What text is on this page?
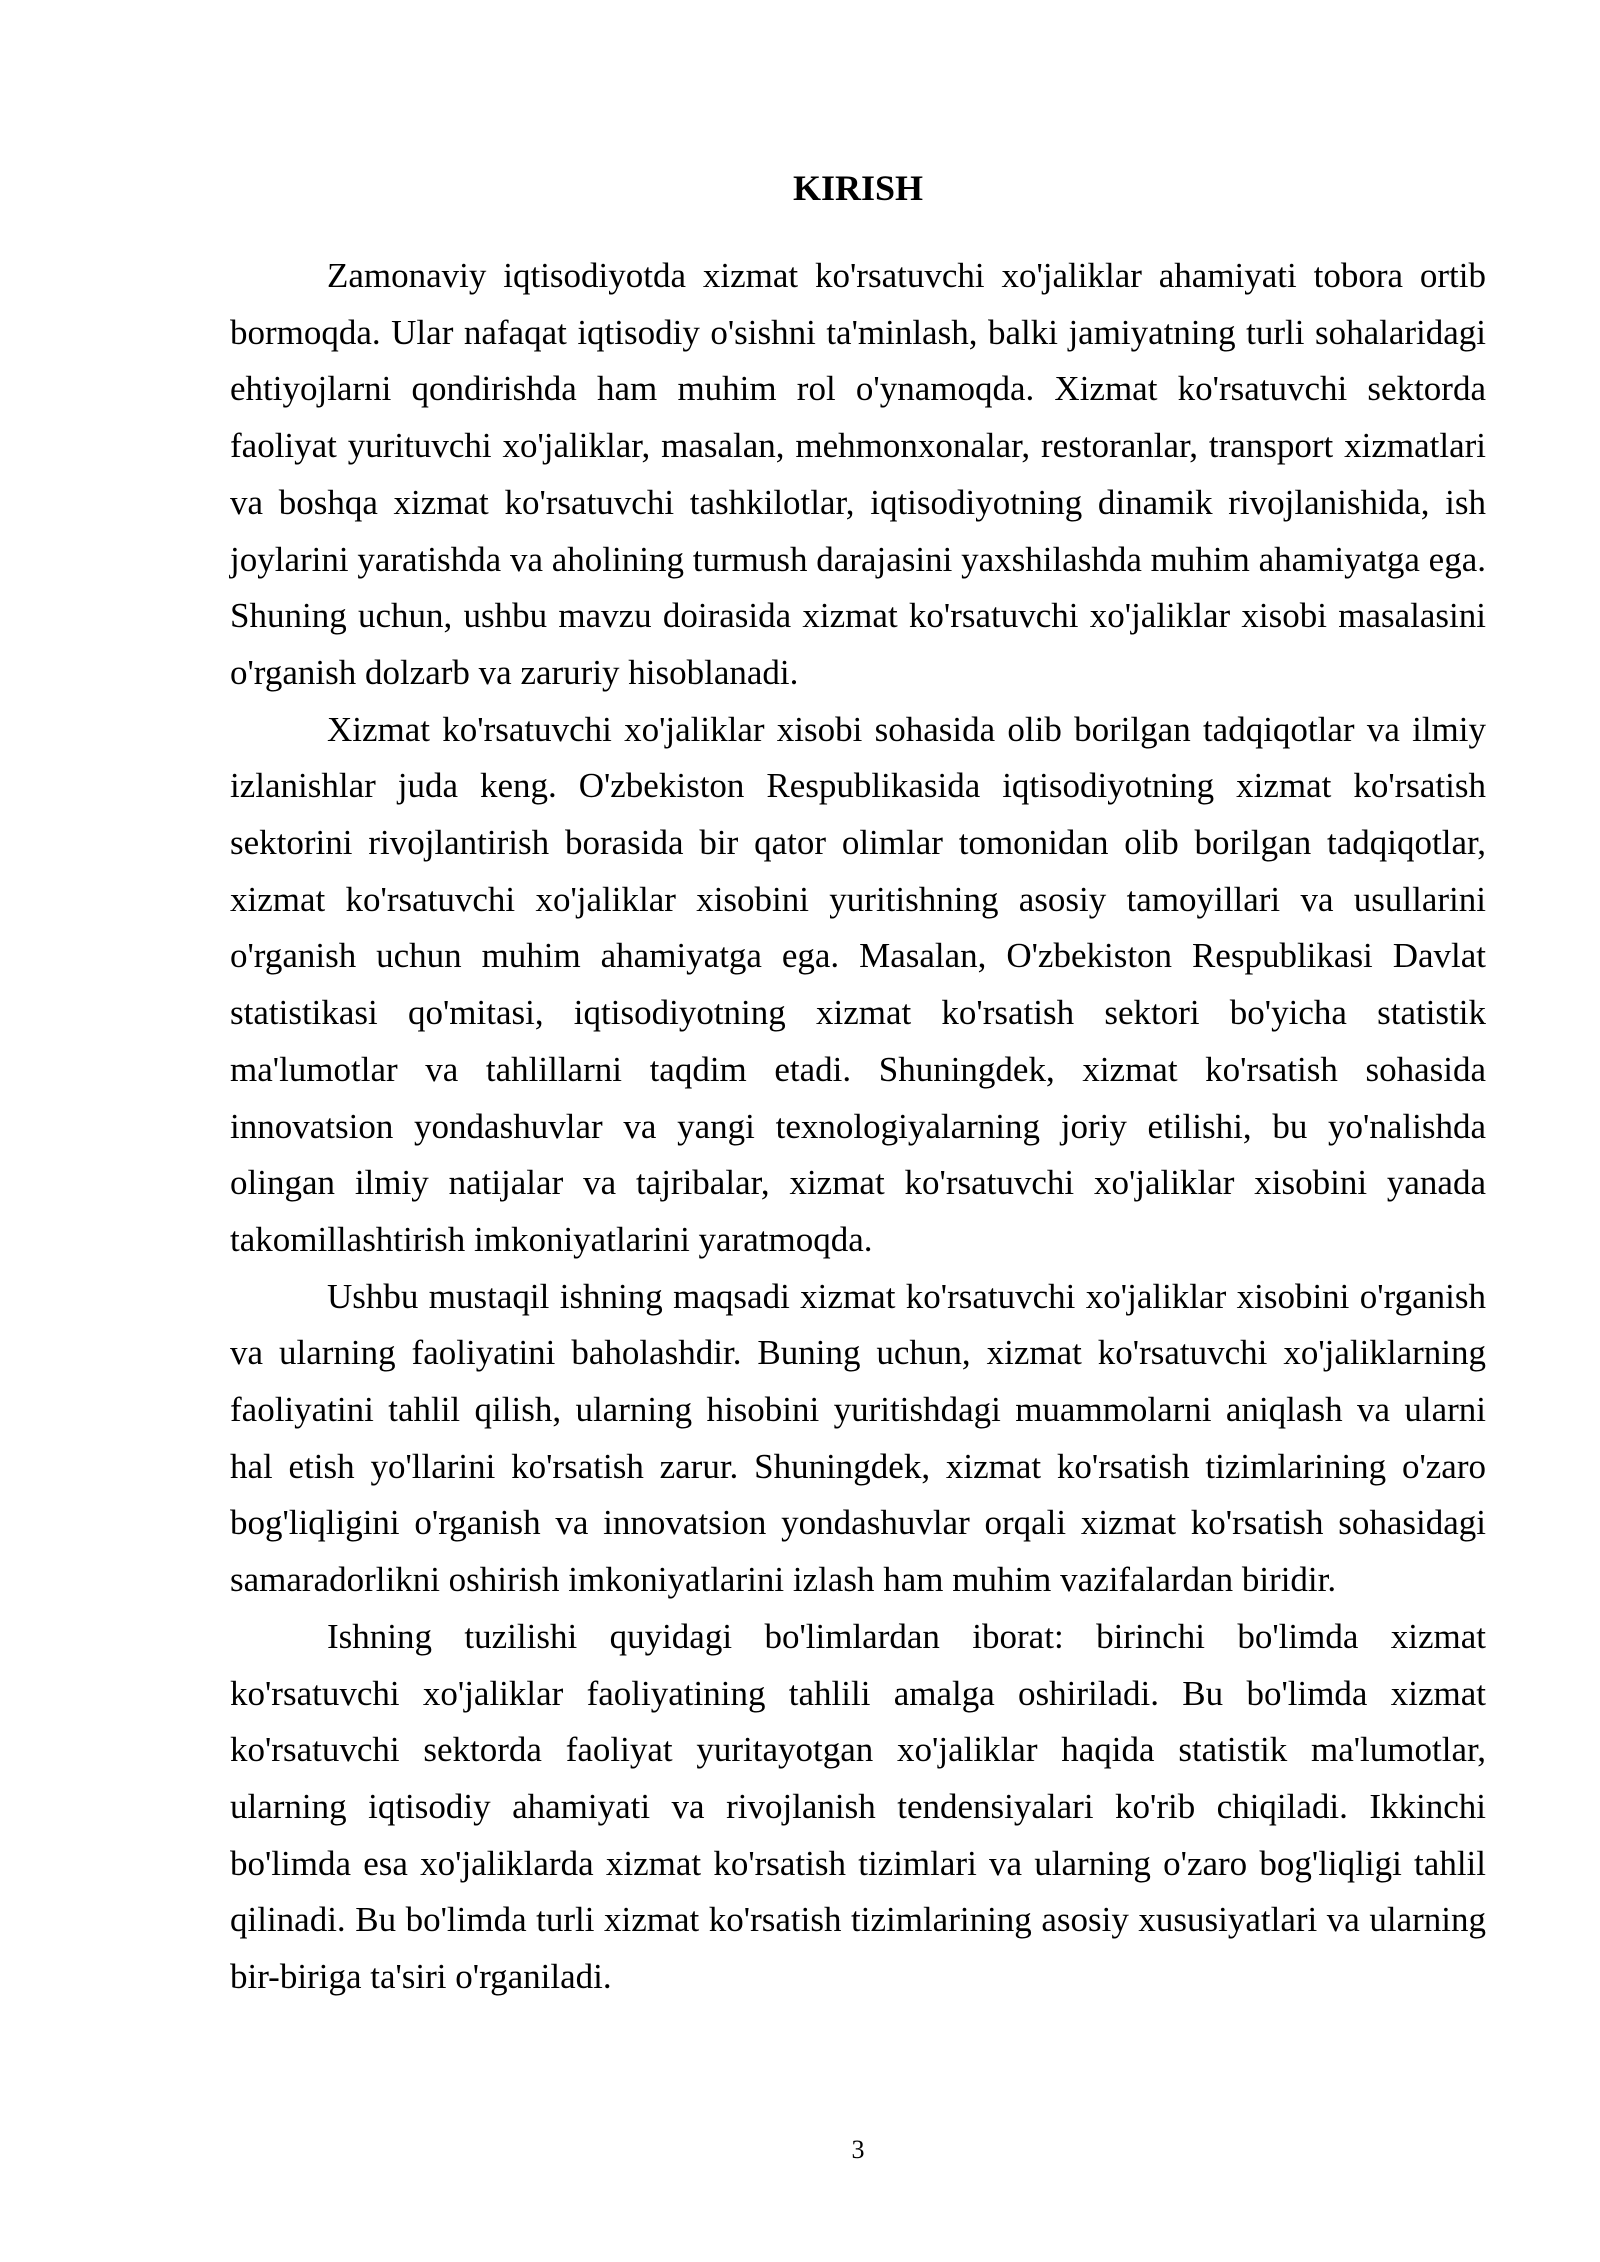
KIRISH

Zamonaviy iqtisodiyotda xizmat ko'rsatuvchi xo'jaliklar ahamiyati tobora ortib bormoqda. Ular nafaqat iqtisodiy o'sishni ta'minlash, balki jamiyatning turli sohalaridagi ehtiyojlarni qondirishda ham muhim rol o'ynamoqda. Xizmat ko'rsatuvchi sektorda faoliyat yurituvchi xo'jaliklar, masalan, mehmonxonalar, restoranlar, transport xizmatlari va boshqa xizmat ko'rsatuvchi tashkilotlar, iqtisodiyotning dinamik rivojlanishida, ish joylarini yaratishda va aholining turmush darajasini yaxshilashda muhim ahamiyatga ega. Shuning uchun, ushbu mavzu doirasida xizmat ko'rsatuvchi xo'jaliklar xisobi masalasini o'rganish dolzarb va zaruriy hisoblanadi.

Xizmat ko'rsatuvchi xo'jaliklar xisobi sohasida olib borilgan tadqiqotlar va ilmiy izlanishlar juda keng. O'zbekiston Respublikasida iqtisodiyotning xizmat ko'rsatish sektorini rivojlantirish borasida bir qator olimlar tomonidan olib borilgan tadqiqotlar, xizmat ko'rsatuvchi xo'jaliklar xisobini yuritishning asosiy tamoyillari va usullarini o'rganish uchun muhim ahamiyatga ega. Masalan, O'zbekiston Respublikasi Davlat statistikasi qo'mitasi, iqtisodiyotning xizmat ko'rsatish sektori bo'yicha statistik ma'lumotlar va tahlillarni taqdim etadi. Shuningdek, xizmat ko'rsatish sohasida innovatsion yondashuvlar va yangi texnologiyalarning joriy etilishi, bu yo'nalishda olingan ilmiy natijalar va tajribalar, xizmat ko'rsatuvchi xo'jaliklar xisobini yanada takomillashtirish imkoniyatlarini yaratmoqda.

Ushbu mustaqil ishning maqsadi xizmat ko'rsatuvchi xo'jaliklar xisobini o'rganish va ularning faoliyatini baholashdir. Buning uchun, xizmat ko'rsatuvchi xo'jaliklarning faoliyatini tahlil qilish, ularning hisobini yuritishdagi muammolarni aniqlash va ularni hal etish yo'llarini ko'rsatish zarur. Shuningdek, xizmat ko'rsatish tizimlarining o'zaro bog'liqligini o'rganish va innovatsion yondashuvlar orqali xizmat ko'rsatish sohasidagi samaradorlikni oshirish imkoniyatlarini izlash ham muhim vazifalardan biridir.

Ishning tuzilishi quyidagi bo'limlardan iborat: birinchi bo'limda xizmat ko'rsatuvchi xo'jaliklar faoliyatining tahlili amalga oshiriladi. Bu bo'limda xizmat ko'rsatuvchi sektorda faoliyat yuritayotgan xo'jaliklar haqida statistik ma'lumotlar, ularning iqtisodiy ahamiyati va rivojlanish tendensiyalari ko'rib chiqiladi. Ikkinchi bo'limda esa xo'jaliklarda xizmat ko'rsatish tizimlari va ularning o'zaro bog'liqligi tahlil qilinadi. Bu bo'limda turli xizmat ko'rsatish tizimlarining asosiy xususiyatlari va ularning bir-biriga ta'siri o'rganiladi.

3
